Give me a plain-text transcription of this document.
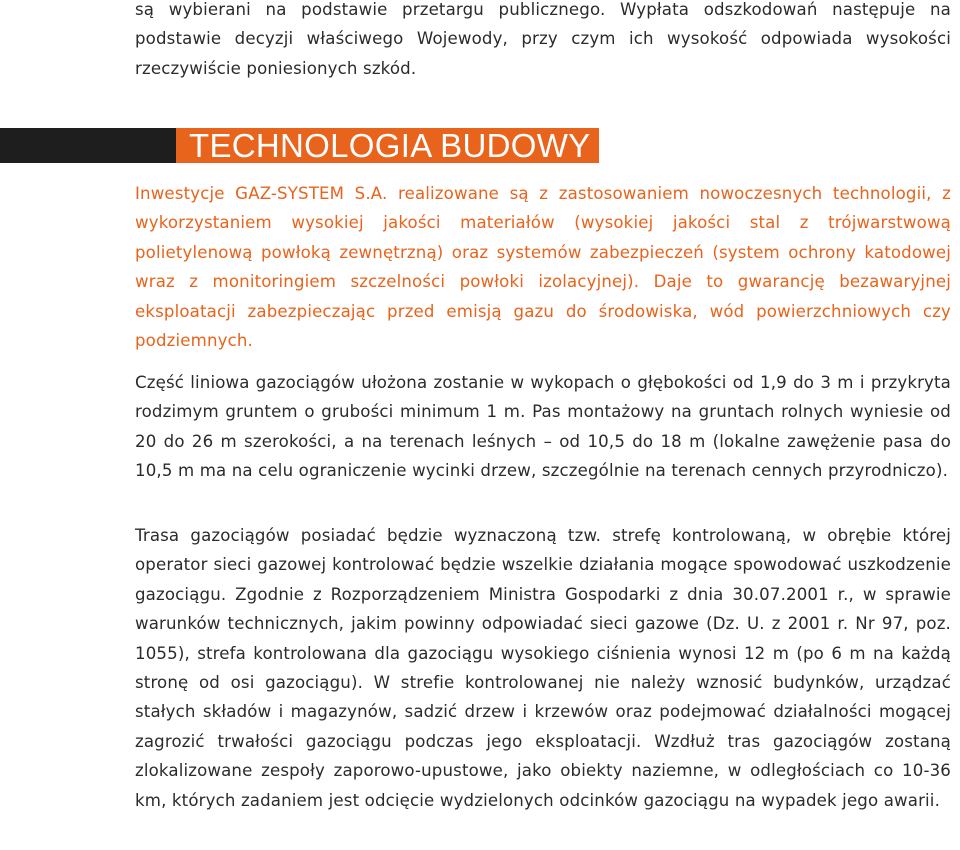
są wybierani na podstawie przetargu publicznego. Wypłata odszkodowań następuje na podstawie decyzji właściwego Wojewody, przy czym ich wysokość odpowiada wysokości rzeczywiście poniesionych szkód.

TECHNOLOGIA BUDOWY

Inwestycje GAZ-SYSTEM S.A. realizowane są z zastosowaniem nowoczesnych technologii, z wykorzystaniem wysokiej jakości materiałów (wysokiej jakości stal z trójwarstwową polietylenową powłoką zewnętrzną) oraz systemów zabezpieczeń (system ochrony katodowej wraz z monitoringiem szczelności powłoki izolacyjnej). Daje to gwarancję bezawaryjnej eksploatacji zabezpieczając przed emisją gazu do środowiska, wód powierzchniowych czy podziemnych.

Część liniowa gazociągów ułożona zostanie w wykopach o głębokości od 1,9 do 3 m i przykryta rodzimym gruntem o grubości minimum 1 m. Pas montażowy na gruntach rolnych wyniesie od 20 do 26 m szerokości, a na terenach leśnych – od 10,5 do 18 m (lokalne zawężenie pasa do 10,5 m ma na celu ograniczenie wycinki drzew, szczególnie na terenach cennych przyrodniczo).

Trasa gazociągów posiadać będzie wyznaczoną tzw. strefę kontrolowaną, w obrębie której operator sieci gazowej kontrolować będzie wszelkie działania mogące spowodować uszkodzenie gazociągu. Zgodnie z Rozporządzeniem Ministra Gospodarki z dnia 30.07.2001 r., w sprawie warunków technicznych, jakim powinny odpowiadać sieci gazowe (Dz. U. z 2001 r. Nr 97, poz. 1055), strefa kontrolowana dla gazociągu wysokiego ciśnienia wynosi 12 m (po 6 m na każdą stronę od osi gazociągu). W strefie kontrolowanej nie należy wznosić budynków, urządzać stałych składów i magazynów, sadzić drzew i krzewów oraz podejmować działalności mogącej zagrozić trwałości gazociągu podczas jego eksploatacji. Wzdłuż tras gazociągów zostaną zlokalizowane zespoły zaporowo-upustowe, jako obiekty naziemne, w odległościach co 10-36 km, których zadaniem jest odcięcie wydzielonych odcinków gazociągu na wypadek jego awarii.
